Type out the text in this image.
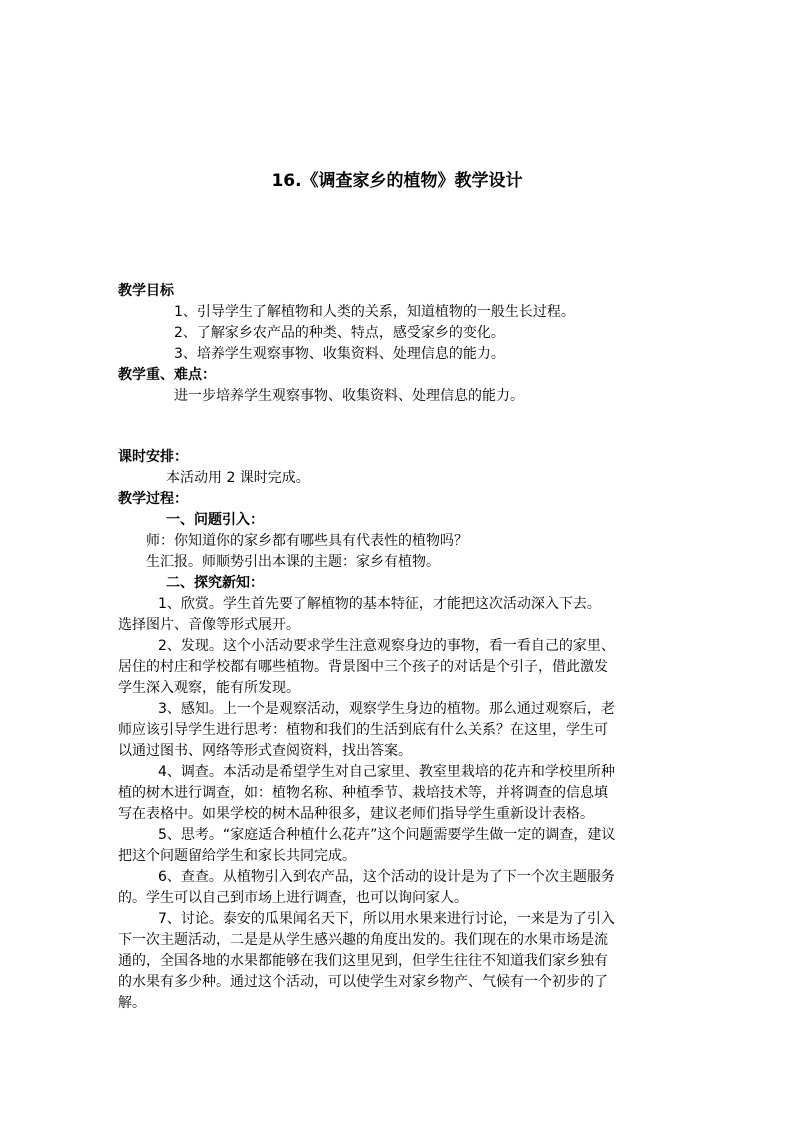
16.《调查家乡的植物》教学设计
教学目标
1、引导学生了解植物和人类的关系，知道植物的一般生长过程。
2、了解家乡农产品的种类、特点，感受家乡的变化。
3、培养学生观察事物、收集资料、处理信息的能力。
教学重、难点：
进一步培养学生观察事物、收集资料、处理信息的能力。
课时安排：
本活动用 2 课时完成。
教学过程：
一、问题引入：
师：你知道你的家乡都有哪些具有代表性的植物吗？
生汇报。师顺势引出本课的主题：家乡有植物。
二、探究新知：
1、欣赏。学生首先要了解植物的基本特征，才能把这次活动深入下去。
选择图片、音像等形式展开。
2、发现。这个小活动要求学生注意观察身边的事物，看一看自己的家里、
居住的村庄和学校都有哪些植物。背景图中三个孩子的对话是个引子，借此激发
学生深入观察，能有所发现。
3、感知。上一个是观察活动，观察学生身边的植物。那么通过观察后，老
师应该引导学生进行思考：植物和我们的生活到底有什么关系？在这里，学生可
以通过图书、网络等形式查阅资料，找出答案。
4、调查。本活动是希望学生对自己家里、教室里栽培的花卉和学校里所种
植的树木进行调查，如：植物名称、种植季节、栽培技术等，并将调查的信息填
写在表格中。如果学校的树木品种很多，建议老师们指导学生重新设计表格。
5、思考。“家庭适合种植什么花卉”这个问题需要学生做一定的调查，建议
把这个问题留给学生和家长共同完成。
6、查查。从植物引入到农产品，这个活动的设计是为了下一个次主题服务
的。学生可以自己到市场上进行调查，也可以询问家人。
7、讨论。泰安的瓜果闻名天下，所以用水果来进行讨论，一来是为了引入
下一次主题活动，二是是从学生感兴趣的角度出发的。我们现在的水果市场是流
通的，全国各地的水果都能够在我们这里见到，但学生往往不知道我们家乡独有
的水果有多少种。通过这个活动，可以使学生对家乡物产、气候有一个初步的了
解。
